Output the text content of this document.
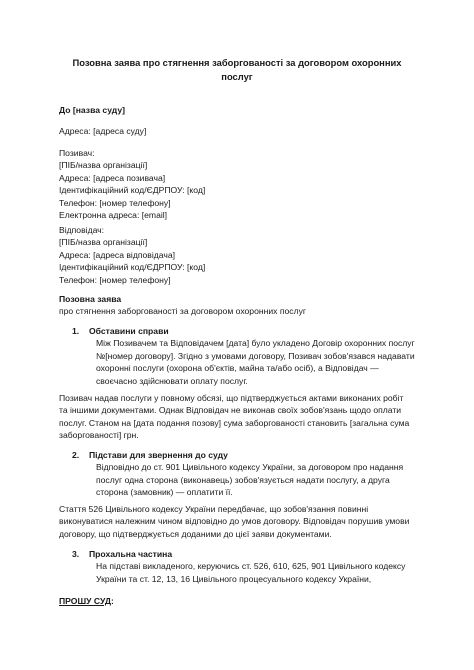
Позовна заява про стягнення заборгованості за договором охоронних
послуг
До [назва суду]
Адреса: [адреса суду]
Позивач:
[ПІБ/назва організації]
Адреса: [адреса позивача]
Ідентифікаційний код/ЄДРПОУ: [код]
Телефон: [номер телефону]
Електронна адреса: [email]
Відповідач:
[ПІБ/назва організації]
Адреса: [адреса відповідача]
Ідентифікаційний код/ЄДРПОУ: [код]
Телефон: [номер телефону]
Позовна заява
про стягнення заборгованості за договором охоронних послуг
1. Обставини справи
Між Позивачем та Відповідачем [дата] було укладено Договір охоронних послуг
№[номер договору]. Згідно з умовами договору, Позивач зобов'язався надавати
охоронні послуги (охорона об'єктів, майна та/або осіб), а Відповідач —
своєчасно здійснювати оплату послуг.
Позивач надав послуги у повному обсязі, що підтверджується актами виконаних робіт
та іншими документами. Однак Відповідач не виконав своїх зобов'язань щодо оплати
послуг. Станом на [дата подання позову] сума заборгованості становить [загальна сума
заборгованості] грн.
2. Підстави для звернення до суду
Відповідно до ст. 901 Цивільного кодексу України, за договором про надання
послуг одна сторона (виконавець) зобов'язується надати послугу, а друга
сторона (замовник) — оплатити її.
Стаття 526 Цивільного кодексу України передбачає, що зобов'язання повинні
виконуватися належним чином відповідно до умов договору. Відповідач порушив умови
договору, що підтверджується доданими до цієї заяви документами.
3. Прохальна частина
На підставі викладеного, керуючись ст. 526, 610, 625, 901 Цивільного кодексу
України та ст. 12, 13, 16 Цивільного процесуального кодексу України,
ПРОШУ СУД:
